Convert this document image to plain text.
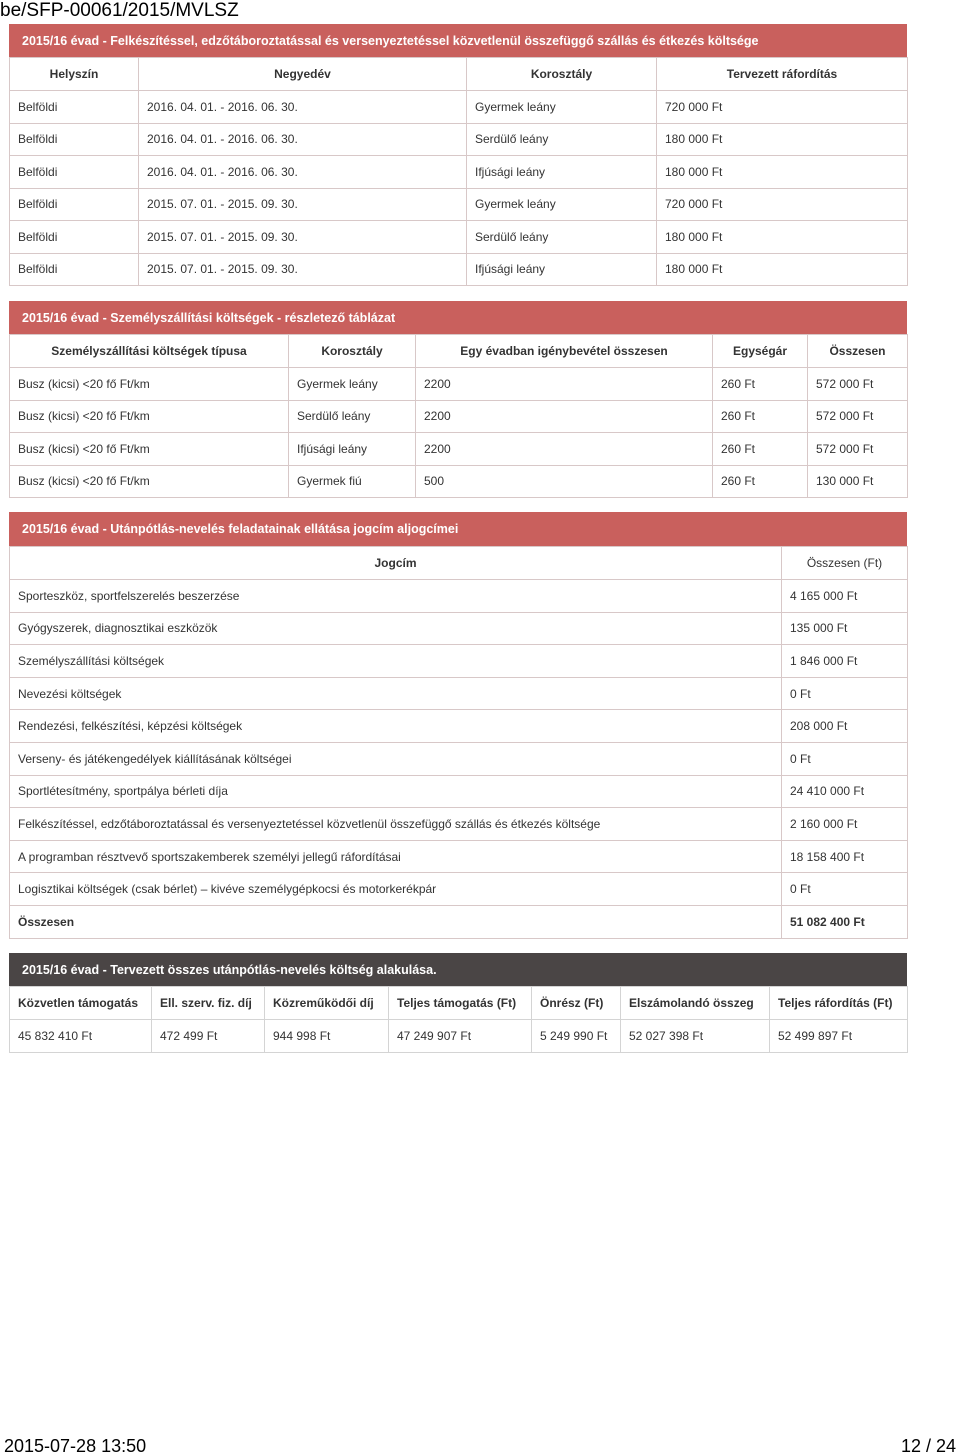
be/SFP-00061/2015/MVLSZ
2015/16 évad - Felkészítéssel, edzőtáboroztatással és versenyeztetéssel közvetlenül összefüggő szállás és étkezés költsége
Helyszín	Negyedév	Korosztály	Tervezett ráfordítás
Belföldi	2016. 04. 01. - 2016. 06. 30.	Gyermek leány	720 000 Ft
Belföldi	2016. 04. 01. - 2016. 06. 30.	Serdülő leány	180 000 Ft
Belföldi	2016. 04. 01. - 2016. 06. 30.	Ifjúsági leány	180 000 Ft
Belföldi	2015. 07. 01. - 2015. 09. 30.	Gyermek leány	720 000 Ft
Belföldi	2015. 07. 01. - 2015. 09. 30.	Serdülő leány	180 000 Ft
Belföldi	2015. 07. 01. - 2015. 09. 30.	Ifjúsági leány	180 000 Ft
2015/16 évad - Személyszállítási költségek - részletező táblázat
Személyszállítási költségek típusa	Korosztály	Egy évadban igénybevétel összesen	Egységár	Összesen
Busz (kicsi) <20 fő Ft/km	Gyermek leány	2200	260 Ft	572 000 Ft
Busz (kicsi) <20 fő Ft/km	Serdülő leány	2200	260 Ft	572 000 Ft
Busz (kicsi) <20 fő Ft/km	Ifjúsági leány	2200	260 Ft	572 000 Ft
Busz (kicsi) <20 fő Ft/km	Gyermek fiú	500	260 Ft	130 000 Ft
2015/16 évad - Utánpótlás-nevelés feladatainak ellátása jogcím aljogcímei
Jogcím	Összesen (Ft)
Sporteszköz, sportfelszerelés beszerzése	4 165 000 Ft
Gyógyszerek, diagnosztikai eszközök	135 000 Ft
Személyszállítási költségek	1 846 000 Ft
Nevezési költségek	0 Ft
Rendezési, felkészítési, képzési költségek	208 000 Ft
Verseny- és játékengedélyek kiállításának költségei	0 Ft
Sportlétesítmény, sportpálya bérleti díja	24 410 000 Ft
Felkészítéssel, edzőtáboroztatással és versenyeztetéssel közvetlenül összefüggő szállás és étkezés költsége	2 160 000 Ft
A programban résztvevő sportszakemberek személyi jellegű ráfordításai	18 158 400 Ft
Logisztikai költségek (csak bérlet) – kivéve személygépkocsi és motorkerékpár	0 Ft
Összesen	51 082 400 Ft
2015/16 évad - Tervezett összes utánpótlás-nevelés költség alakulása.
Közvetlen támogatás	Ell. szerv. fiz. díj	Közreműködői díj	Teljes támogatás (Ft)	Önrész (Ft)	Elszámolandó összeg	Teljes ráfordítás (Ft)
45 832 410 Ft	472 499 Ft	944 998 Ft	47 249 907 Ft	5 249 990 Ft	52 027 398 Ft	52 499 897 Ft
2015-07-28 13:50	12 / 24
